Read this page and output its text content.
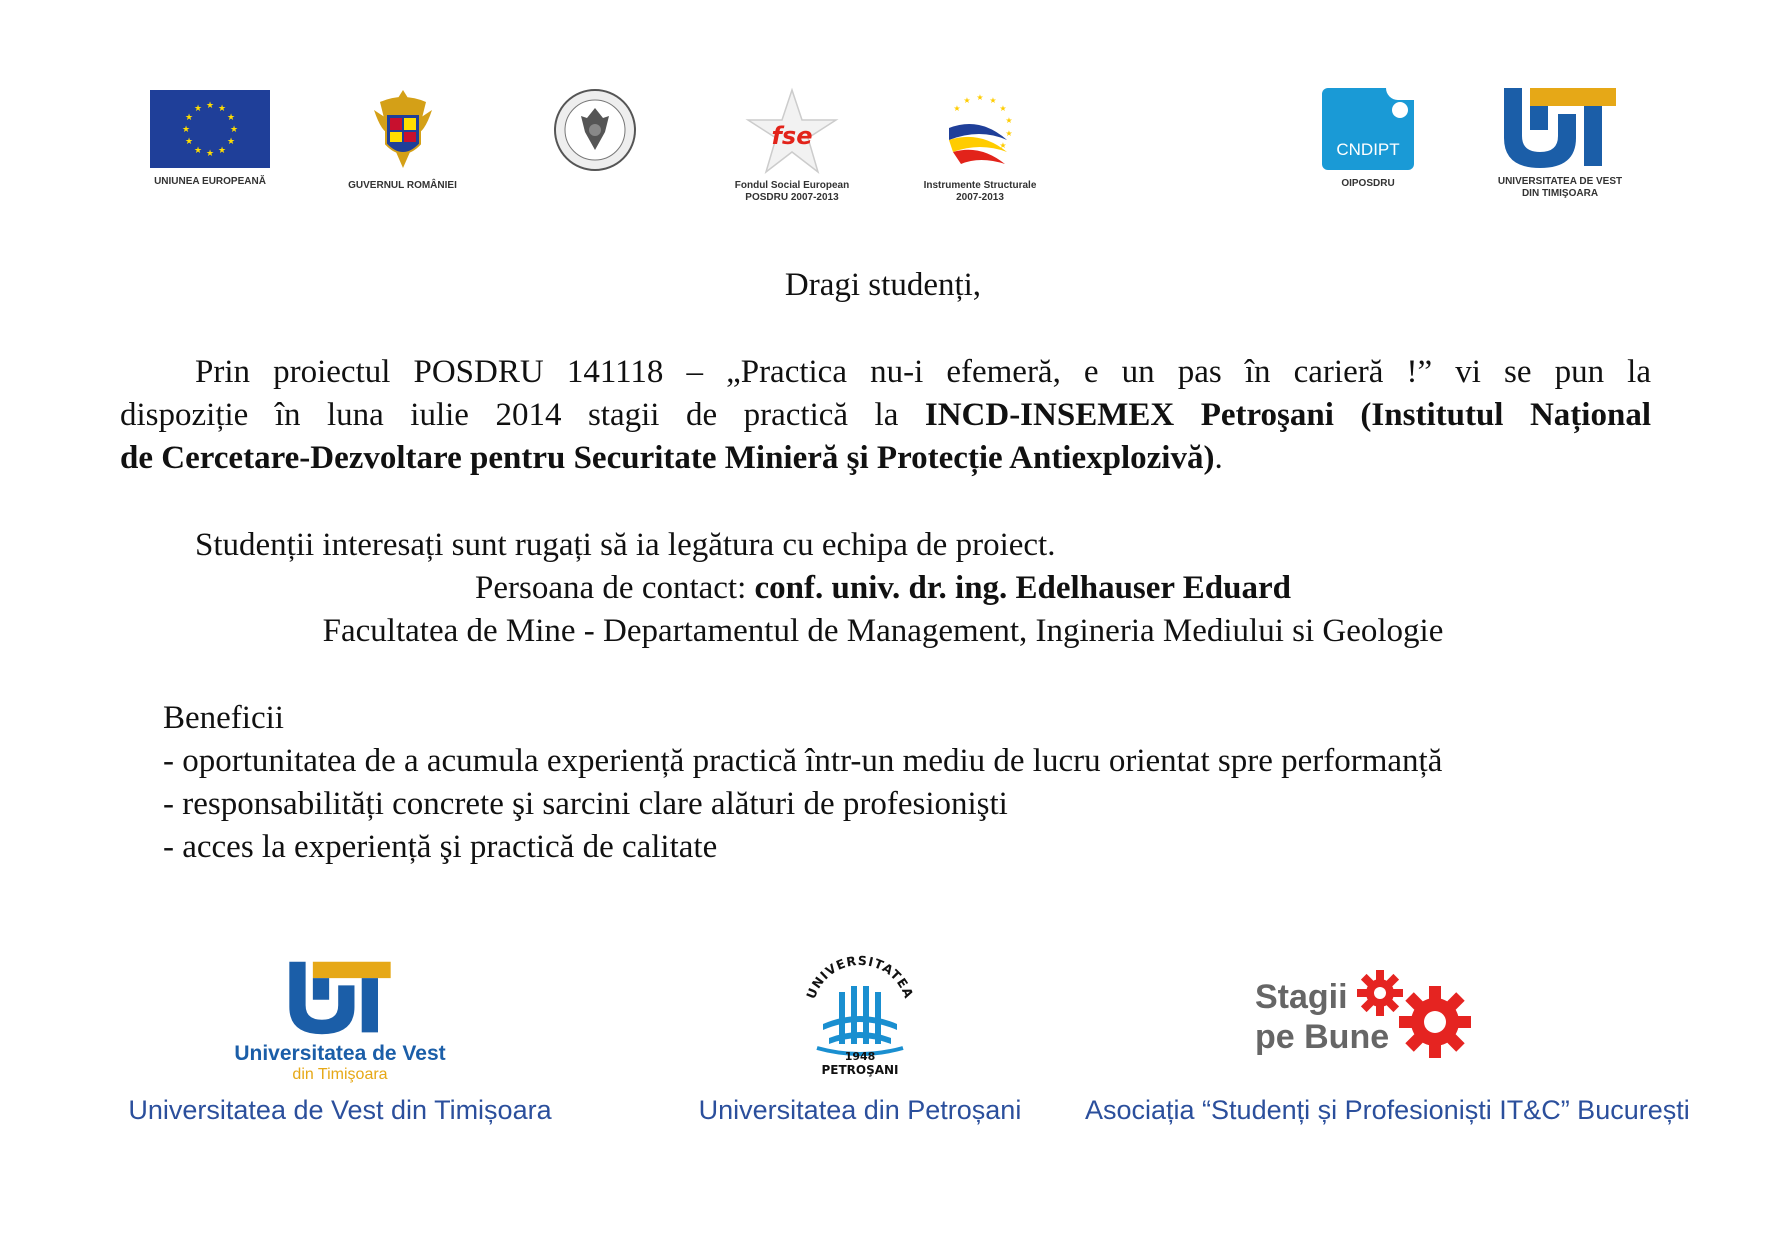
★ ★
★
★
★
★
★
★
★
★
★
★
UNIUNEA EUROPEANĂ	GUVERNUL ROMÂNIEI
fse
Fondul Social European
POSDRU 2007-2013
★ ★
★
★
★
★
★
★
Instrumente Structurale
2007-2013
CNDIPT
OIPOSDRU	UNIVERSITATEA DE VEST
DIN TIMIŞOARA
Dragi studenți,
Prin proiectul POSDRU 141118 – „Practica nu-i efemeră, e un pas în carieră !” vi se pun la
dispoziție în luna iulie 2014 stagii de practică la INCD-INSEMEX Petroşani (Institutul Național
de Cercetare-Dezvoltare pentru Securitate Minieră şi Protecție Antiexplozivă).
Studenții interesați sunt rugați să ia legătura cu echipa de proiect.
Persoana de contact: conf. univ. dr. ing. Edelhauser Eduard
Facultatea de Mine - Departamentul de Management, Ingineria Mediului si Geologie
Beneficii
- oportunitatea de a acumula experiență practică într-un mediu de lucru orientat spre performanță
- responsabilități concrete şi sarcini clare alături de profesionişti
- acces la experiență şi practică de calitate
Universitatea de Vest
din Timişoara
Universitatea de Vest din Timișoara
UNIVERSITATEA
1948
PETROŞANI
Universitatea din Petroșani
Stagii
pe Bune
Asociația “Studenți și Profesioniști IT&C” București
